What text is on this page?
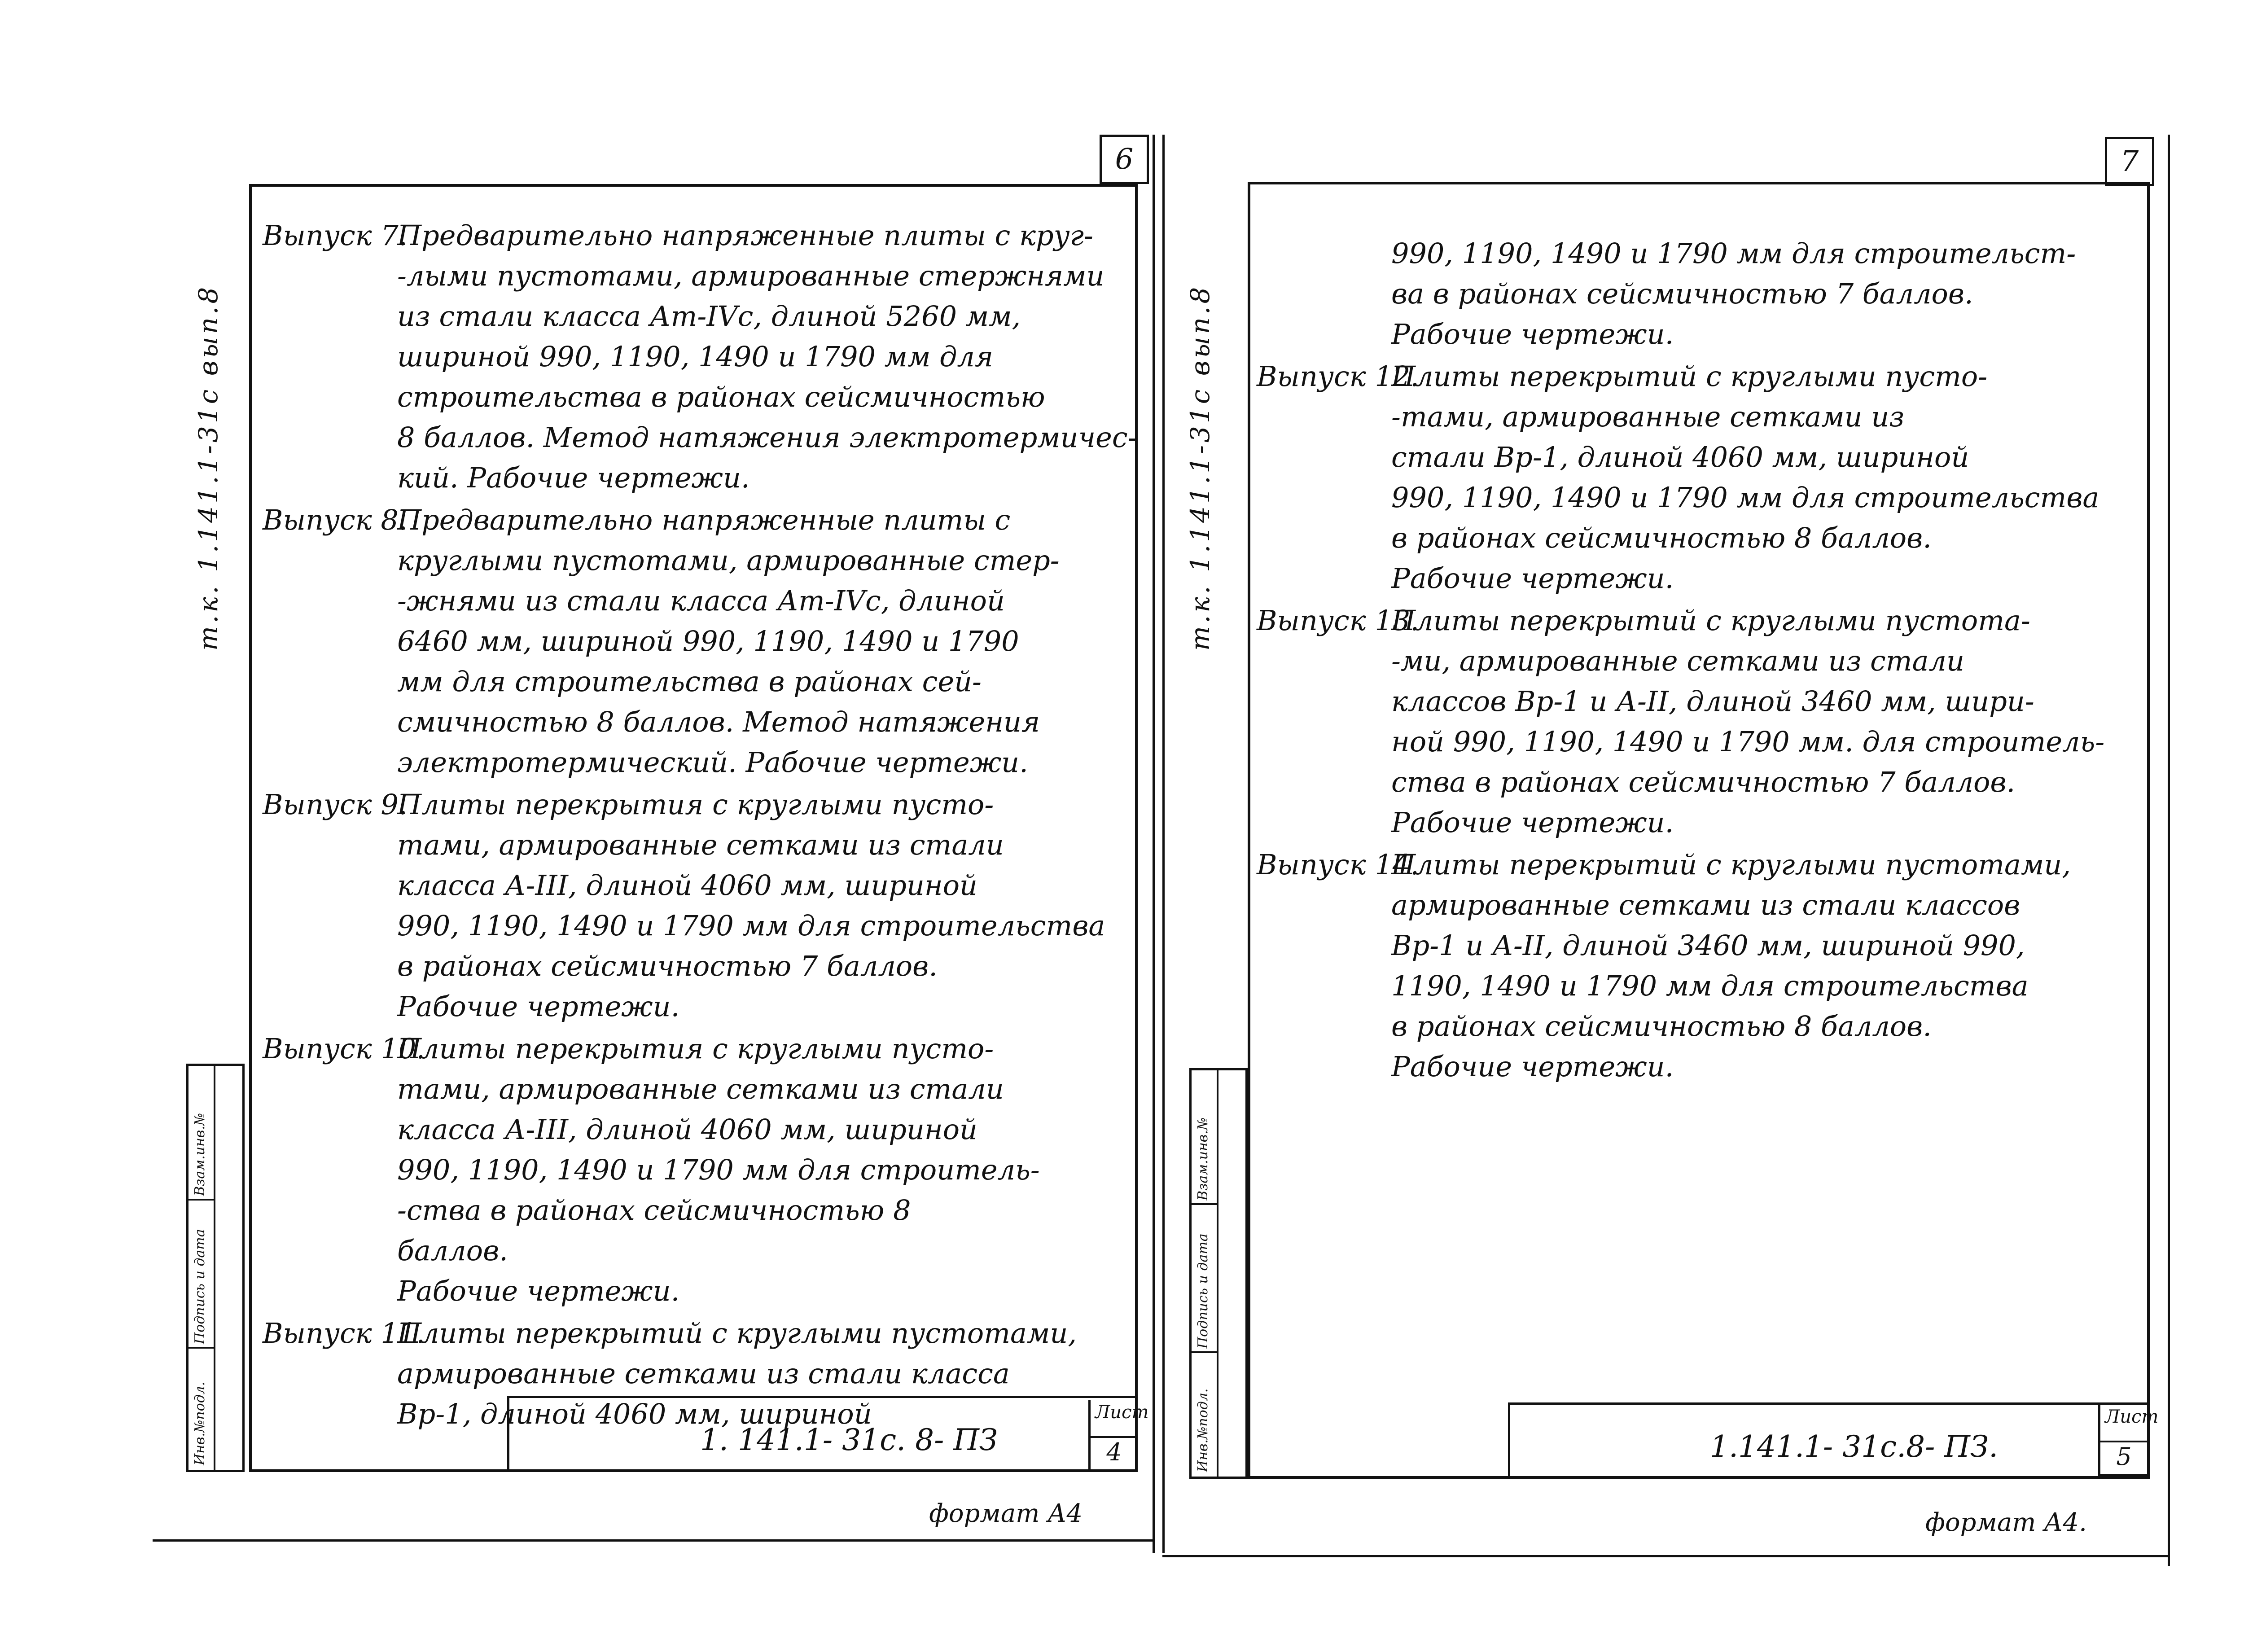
6
т.к. 1.141.1-31с вып.8
Инв.№подл.
Подпись и дата
Взам.инв.№
Выпуск 7.Предварительно напряженные плиты с круг-
-лыми пустотами, армированные стержнями
из стали класса Ат-IVс, длиной 5260 мм,
шириной 990, 1190, 1490 и 1790 мм для
строительства в районах сейсмичностью
8 баллов. Метод натяжения электротермичес-
кий. Рабочие чертежи.
Выпуск 8.Предварительно напряженные плиты с
круглыми пустотами, армированные стер-
-жнями из стали класса Ат-IVс, длиной
6460 мм, шириной 990, 1190, 1490 и 1790
мм для строительства в районах сей-
смичностью 8 баллов. Метод натяжения
электротермический. Рабочие чертежи.
Выпуск 9.Плиты перекрытия с круглыми пусто-
тами, армированные сетками из стали
класса А-III, длиной 4060 мм, шириной
990, 1190, 1490 и 1790 мм для строительства
в районах сейсмичностью 7 баллов.
Рабочие чертежи.
Выпуск 10.Плиты перекрытия с круглыми пусто-
тами, армированные сетками из стали
класса А-III, длиной 4060 мм, шириной
990, 1190, 1490 и 1790 мм для строитель-
-ства в районах сейсмичностью 8
баллов.
Рабочие чертежи.
Выпуск 11.Плиты перекрытий с круглыми пустотами,
армированные сетками из стали класса
Вр-1, длиной 4060 мм, шириной
1. 141.1- 31с. 8- ПЗ
Лист
4
формат А4
7
т.к. 1.141.1-31с вып.8
Инв.№подл.
Подпись и дата
Взам.инв.№
990, 1190, 1490 и 1790 мм для строительст-
ва в районах сейсмичностью 7 баллов.
Рабочие чертежи.
Выпуск 12.Плиты перекрытий с круглыми пусто-
-тами, армированные сетками из
стали Вр-1, длиной 4060 мм, шириной
990, 1190, 1490 и 1790 мм для строительства
в районах сейсмичностью 8 баллов.
Рабочие чертежи.
Выпуск 13.Плиты перекрытий с круглыми пустота-
-ми, армированные сетками из стали
классов Вр-1 и А-II, длиной 3460 мм, шири-
ной 990, 1190, 1490 и 1790 мм. для строитель-
ства в районах сейсмичностью 7 баллов.
Рабочие чертежи.
Выпуск 14.Плиты перекрытий с круглыми пустотами,
армированные сетками из стали классов
Вр-1 и А-II, длиной 3460 мм, шириной 990,
1190, 1490 и 1790 мм для строительства
в районах сейсмичностью 8 баллов.
Рабочие чертежи.
1.141.1- 31с.8- ПЗ.
Лист
5
формат А4.
